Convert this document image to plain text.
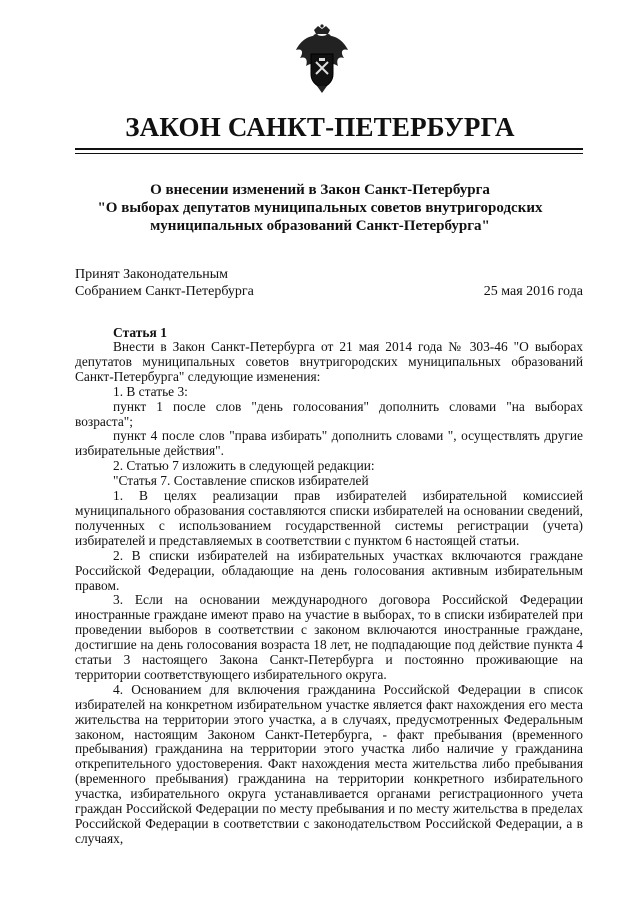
ЗАКОН САНКТ-ПЕТЕРБУРГА
О внесении изменений в Закон Санкт-Петербурга
"О выборах депутатов муниципальных советов внутригородских
муниципальных образований Санкт-Петербурга"
Принят Законодательным
Собранием Санкт-Петербурга	25 мая 2016 года
Статья 1

Внести в Закон Санкт-Петербурга от 21 мая 2014 года № 303-46 "О выборах депутатов муниципальных советов внутригородских муниципальных образований Санкт-Петербурга" следующие изменения:

1. В статье 3:

пункт 1 после слов "день голосования" дополнить словами "на выборах возраста";

пункт 4 после слов "права избирать" дополнить словами ", осуществлять другие избирательные действия".

2. Статью 7 изложить в следующей редакции:

"Статья 7. Составление списков избирателей

1. В целях реализации прав избирателей избирательной комиссией муниципального образования составляются списки избирателей на основании сведений, полученных с использованием государственной системы регистрации (учета) избирателей и представляемых в соответствии с пунктом 6 настоящей статьи.

2. В списки избирателей на избирательных участках включаются граждане Российской Федерации, обладающие на день голосования активным избирательным правом.

3. Если на основании международного договора Российской Федерации иностранные граждане имеют право на участие в выборах, то в списки избирателей при проведении выборов в соответствии с законом включаются иностранные граждане, достигшие на день голосования возраста 18 лет, не подпадающие под действие пункта 4 статьи 3 настоящего Закона Санкт-Петербурга и постоянно проживающие на территории соответствующего избирательного округа.

4. Основанием для включения гражданина Российской Федерации в список избирателей на конкретном избирательном участке является факт нахождения его места жительства на территории этого участка, а в случаях, предусмотренных Федеральным законом, настоящим Законом Санкт-Петербурга, - факт пребывания (временного пребывания) гражданина на территории этого участка либо наличие у гражданина открепительного удостоверения. Факт нахождения места жительства либо пребывания (временного пребывания) гражданина на территории конкретного избирательного участка, избирательного округа устанавливается органами регистрационного учета граждан Российской Федерации по месту пребывания и по месту жительства в пределах Российской Федерации в соответствии с законодательством Российской Федерации, а в случаях,
